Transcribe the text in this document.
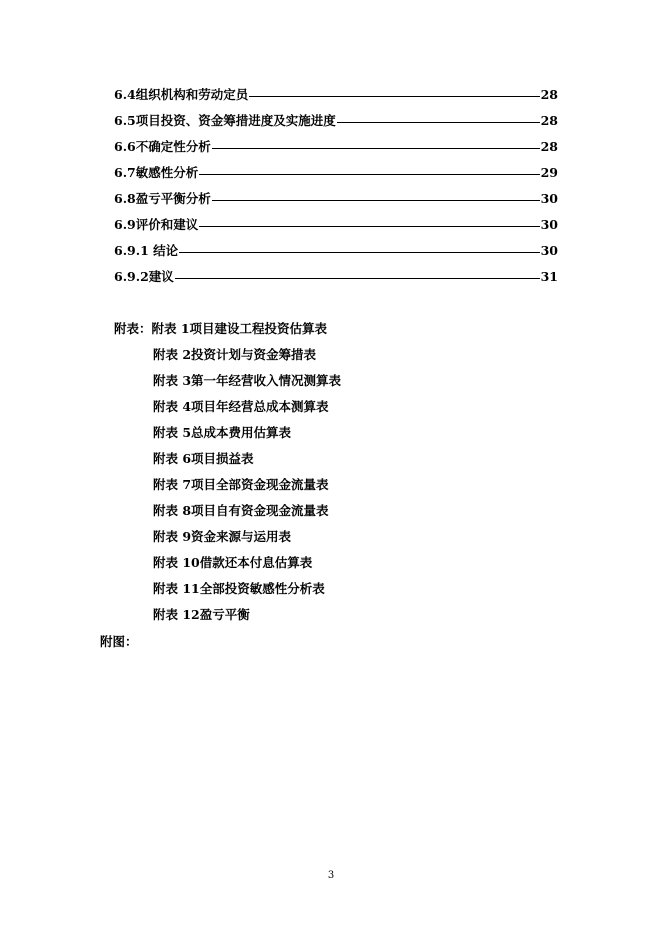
6.4组织机构和劳动定员	28
6.5项目投资、资金筹措进度及实施进度	28
6.6不确定性分析	28
6.7敏感性分析	29
6.8盈亏平衡分析	30
6.9评价和建议	30
6.9.1 结论	30
6.9.2建议	31
附表：附表 1项目建设工程投资估算表
附表 2投资计划与资金筹措表
附表 3第一年经营收入情况测算表
附表 4项目年经营总成本测算表
附表 5总成本费用估算表
附表 6项目损益表
附表 7项目全部资金现金流量表
附表 8项目自有资金现金流量表
附表 9资金来源与运用表
附表 10借款还本付息估算表
附表 11全部投资敏感性分析表
附表 12盈亏平衡
附图：
3
